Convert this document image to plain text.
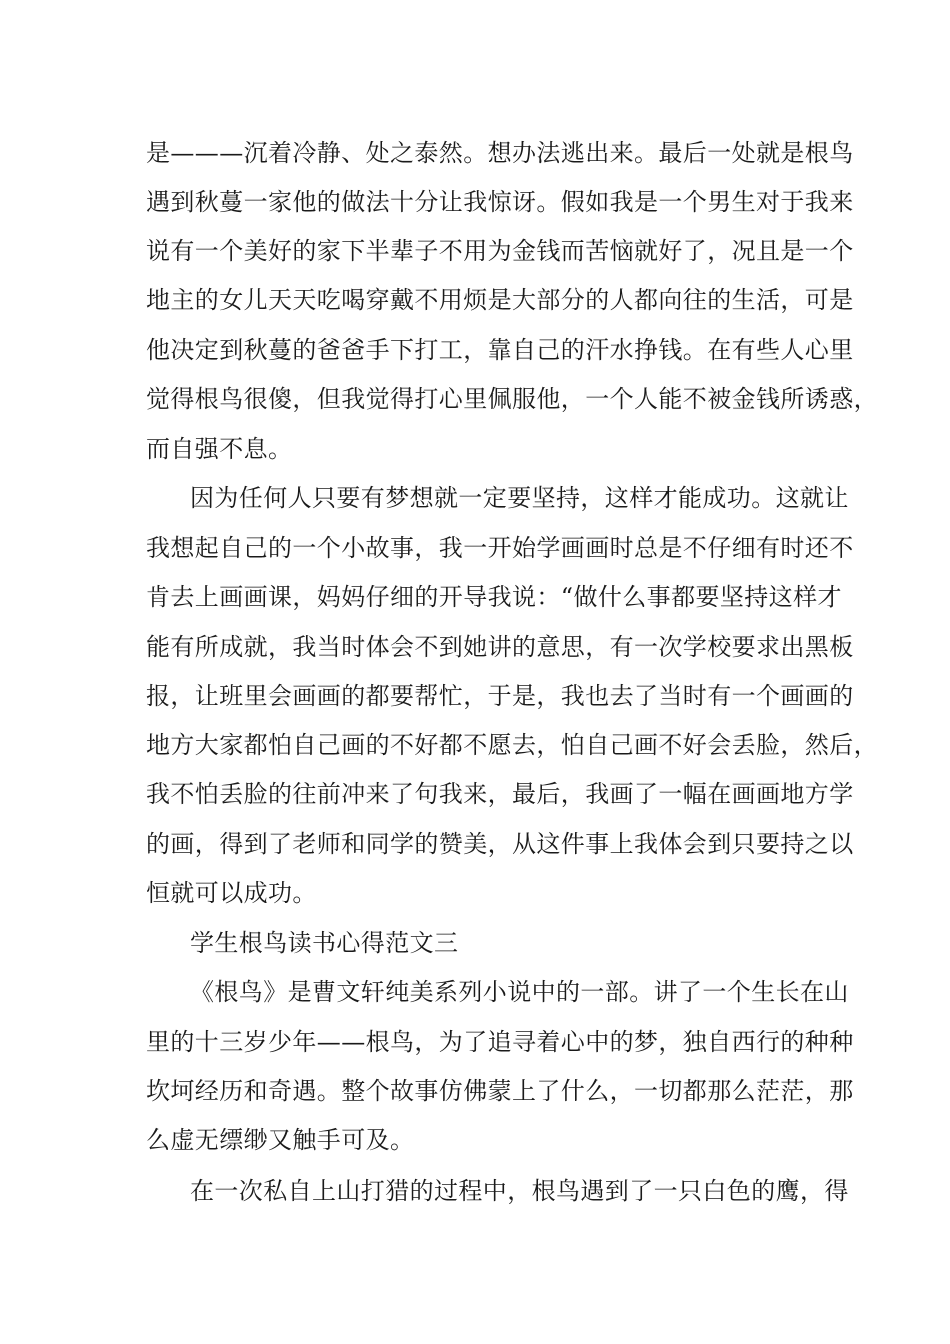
是———沉着冷静、处之泰然。想办法逃出来。最后一处就是根鸟
遇到秋蔓一家他的做法十分让我惊讶。假如我是一个男生对于我来
说有一个美好的家下半辈子不用为金钱而苦恼就好了，况且是一个
地主的女儿天天吃喝穿戴不用烦是大部分的人都向往的生活，可是
他决定到秋蔓的爸爸手下打工，靠自己的汗水挣钱。在有些人心里
觉得根鸟很傻，但我觉得打心里佩服他，一个人能不被金钱所诱惑，
而自强不息。
因为任何人只要有梦想就一定要坚持，这样才能成功。这就让
我想起自己的一个小故事，我一开始学画画时总是不仔细有时还不
肯去上画画课，妈妈仔细的开导我说：“做什么事都要坚持这样才
能有所成就，我当时体会不到她讲的意思，有一次学校要求出黑板
报，让班里会画画的都要帮忙，于是，我也去了当时有一个画画的
地方大家都怕自己画的不好都不愿去，怕自己画不好会丢脸，然后，
我不怕丢脸的往前冲来了句我来，最后，我画了一幅在画画地方学
的画，得到了老师和同学的赞美，从这件事上我体会到只要持之以
恒就可以成功。
学生根鸟读书心得范文三
《根鸟》是曹文轩纯美系列小说中的一部。讲了一个生长在山
里的十三岁少年——根鸟，为了追寻着心中的梦，独自西行的种种
坎坷经历和奇遇。整个故事仿佛蒙上了什么，一切都那么茫茫，那
么虚无缥缈又触手可及。
在一次私自上山打猎的过程中，根鸟遇到了一只白色的鹰，得
